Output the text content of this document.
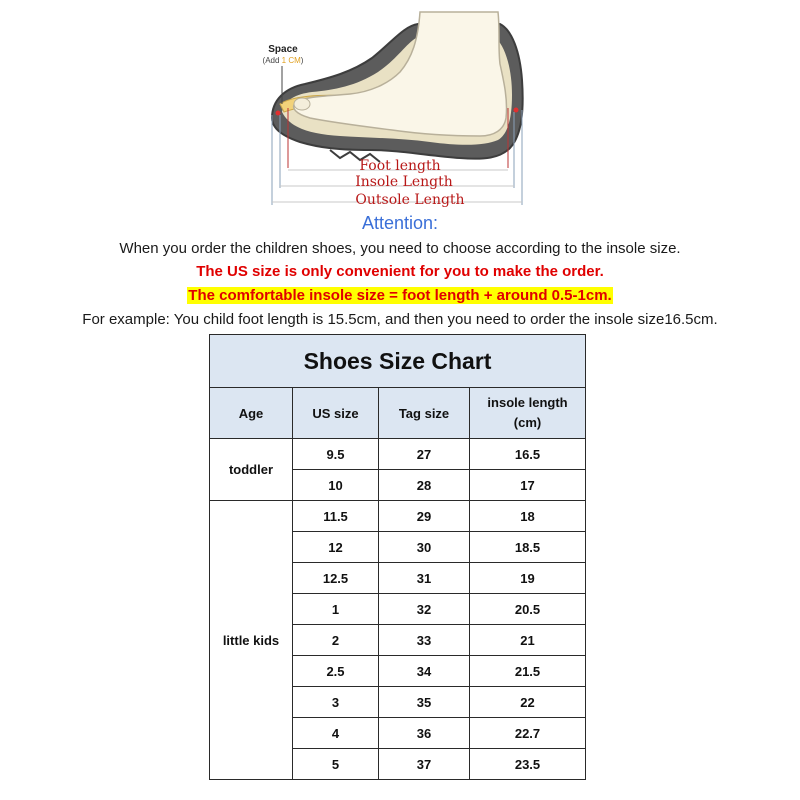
Space
(Add 1 CM)
Foot length
Insole Length
Outsole Length
Attention:
When you order the children shoes, you need to choose according to the insole size.
The US size is only convenient for you to make the order.
The comfortable insole size = foot length + around 0.5-1cm.
For example: You child foot length is 15.5cm, and then you need to order the insole size16.5cm.
Shoes Size Chart			
Age	US size	Tag size	insole length
(cm)
toddler	9.5	27	16.5
	10	28	17
little kids	11.5	29	18
	12	30	18.5
	12.5	31	19
	1	32	20.5
	2	33	21
	2.5	34	21.5
	3	35	22
	4	36	22.7
	5	37	23.5
